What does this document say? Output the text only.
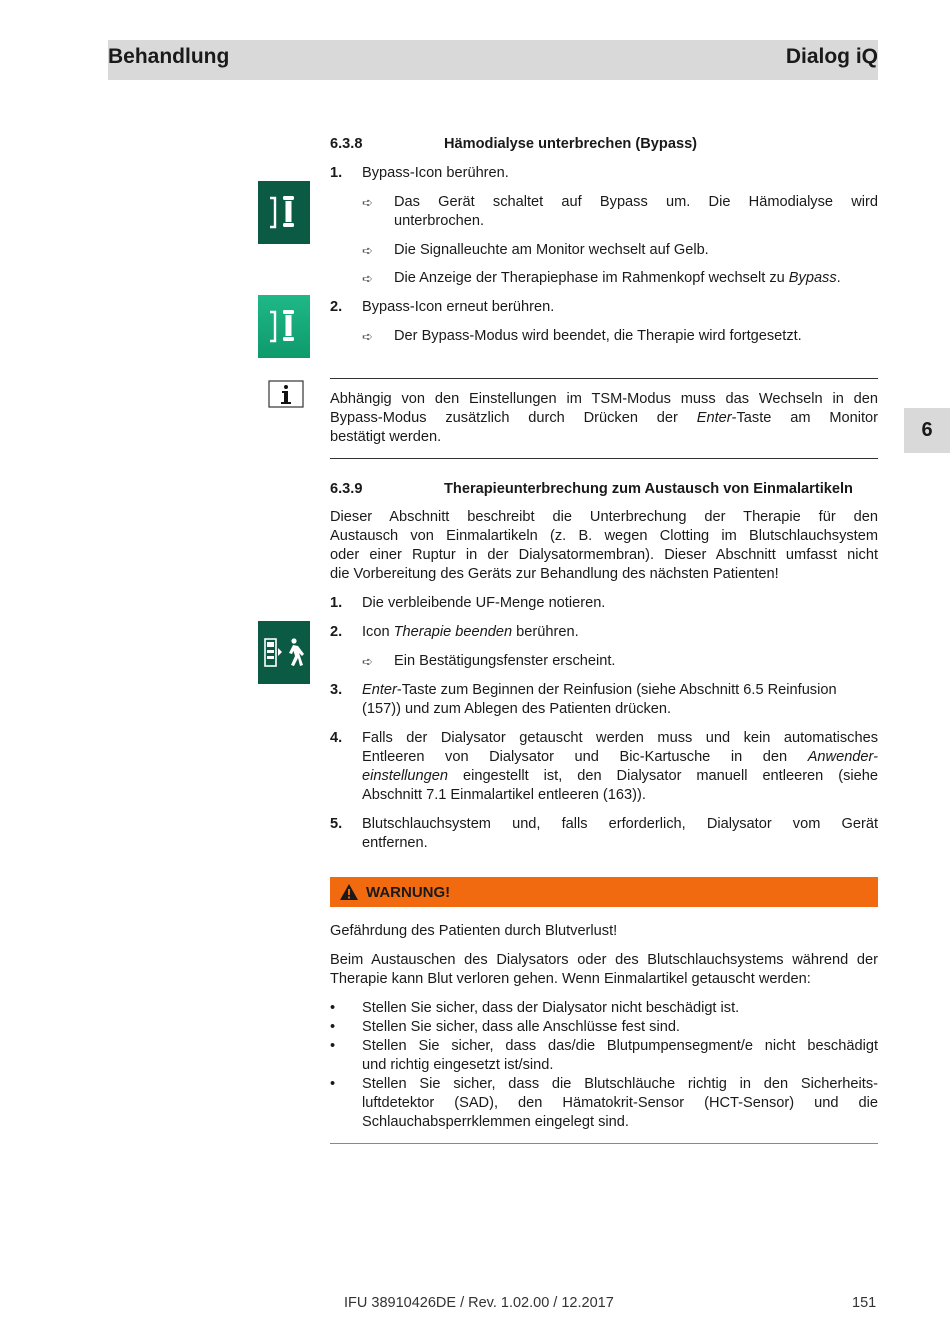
Behandlung	Dialog iQ
6
6.3.8	Hämodialyse unterbrechen (Bypass)
1. Bypass-Icon berühren.
➪ Das Gerät schaltet auf Bypass um. Die Hämodialyse wird
unterbrochen.
➪ Die Signalleuchte am Monitor wechselt auf Gelb.
➪ Die Anzeige der Therapiephase im Rahmenkopf wechselt zu Bypass.
2. Bypass-Icon erneut berühren.
➪ Der Bypass-Modus wird beendet, die Therapie wird fortgesetzt.
Abhängig von den Einstellungen im TSM-Modus muss das Wechseln in den
Bypass-Modus zusätzlich durch Drücken der Enter-Taste am Monitor
bestätigt werden.
6.3.9	Therapieunterbrechung zum Austausch von Einmalartikeln
Dieser Abschnitt beschreibt die Unterbrechung der Therapie für den
Austausch von Einmalartikeln (z. B. wegen Clotting im Blutschlauchsystem
oder einer Ruptur in der Dialysatormembran). Dieser Abschnitt umfasst nicht
die Vorbereitung des Geräts zur Behandlung des nächsten Patienten!
1. Die verbleibende UF-Menge notieren.
2. Icon Therapie beenden berühren.
➪ Ein Bestätigungsfenster erscheint.
3. Enter-Taste zum Beginnen der Reinfusion (siehe Abschnitt 6.5 Reinfusion
(157)) und zum Ablegen des Patienten drücken.
4. Falls der Dialysator getauscht werden muss und kein automatisches
Entleeren von Dialysator und Bic-Kartusche in den Anwender-
einstellungen eingestellt ist, den Dialysator manuell entleeren (siehe
Abschnitt 7.1 Einmalartikel entleeren (163)).
5. Blutschlauchsystem und, falls erforderlich, Dialysator vom Gerät
entfernen.
WARNUNG!
Gefährdung des Patienten durch Blutverlust!
Beim Austauschen des Dialysators oder des Blutschlauchsystems während der
Therapie kann Blut verloren gehen. Wenn Einmalartikel getauscht werden:
• Stellen Sie sicher, dass der Dialysator nicht beschädigt ist.
• Stellen Sie sicher, dass alle Anschlüsse fest sind.
• Stellen Sie sicher, dass das/die Blutpumpensegment/e nicht beschädigt
und richtig eingesetzt ist/sind.
• Stellen Sie sicher, dass die Blutschläuche richtig in den Sicherheits-
luftdetektor (SAD), den Hämatokrit-Sensor (HCT-Sensor) und die
Schlauchabsperrklemmen eingelegt sind.
IFU 38910426DE / Rev. 1.02.00 / 12.2017	151
